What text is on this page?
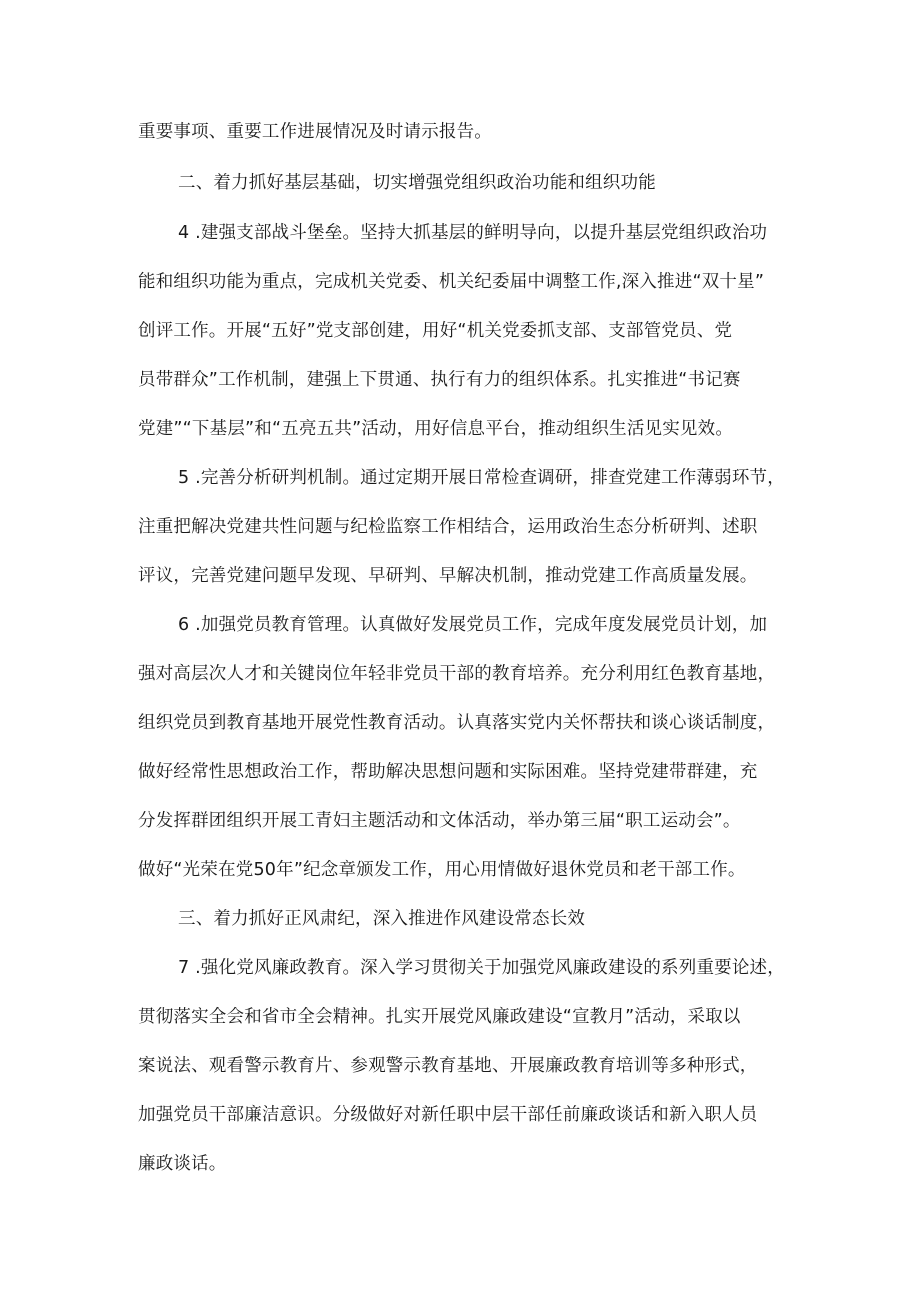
重要事项、重要工作进展情况及时请示报告。
二、着力抓好基层基础，切实增强党组织政治功能和组织功能
4 .建强支部战斗堡垒。坚持大抓基层的鲜明导向，以提升基层党组织政治功
能和组织功能为重点，完成机关党委、机关纪委届中调整工作,深入推进“双十星”
创评工作。开展“五好”党支部创建，用好“机关党委抓支部、支部管党员、党
员带群众”工作机制，建强上下贯通、执行有力的组织体系。扎实推进“书记赛
党建”“下基层”和“五亮五共”活动，用好信息平台，推动组织生活见实见效。
5 .完善分析研判机制。通过定期开展日常检查调研，排查党建工作薄弱环节，
注重把解决党建共性问题与纪检监察工作相结合，运用政治生态分析研判、述职
评议，完善党建问题早发现、早研判、早解决机制，推动党建工作高质量发展。
6 .加强党员教育管理。认真做好发展党员工作，完成年度发展党员计划，加
强对高层次人才和关键岗位年轻非党员干部的教育培养。充分利用红色教育基地，
组织党员到教育基地开展党性教育活动。认真落实党内关怀帮扶和谈心谈话制度，
做好经常性思想政治工作，帮助解决思想问题和实际困难。坚持党建带群建，充
分发挥群团组织开展工青妇主题活动和文体活动，举办第三届“职工运动会”。
做好“光荣在党50年”纪念章颁发工作，用心用情做好退休党员和老干部工作。
三、着力抓好正风肃纪，深入推进作风建设常态长效
7 .强化党风廉政教育。深入学习贯彻关于加强党风廉政建设的系列重要论述，
贯彻落实全会和省市全会精神。扎实开展党风廉政建设“宣教月”活动，采取以
案说法、观看警示教育片、参观警示教育基地、开展廉政教育培训等多种形式，
加强党员干部廉洁意识。分级做好对新任职中层干部任前廉政谈话和新入职人员
廉政谈话。
